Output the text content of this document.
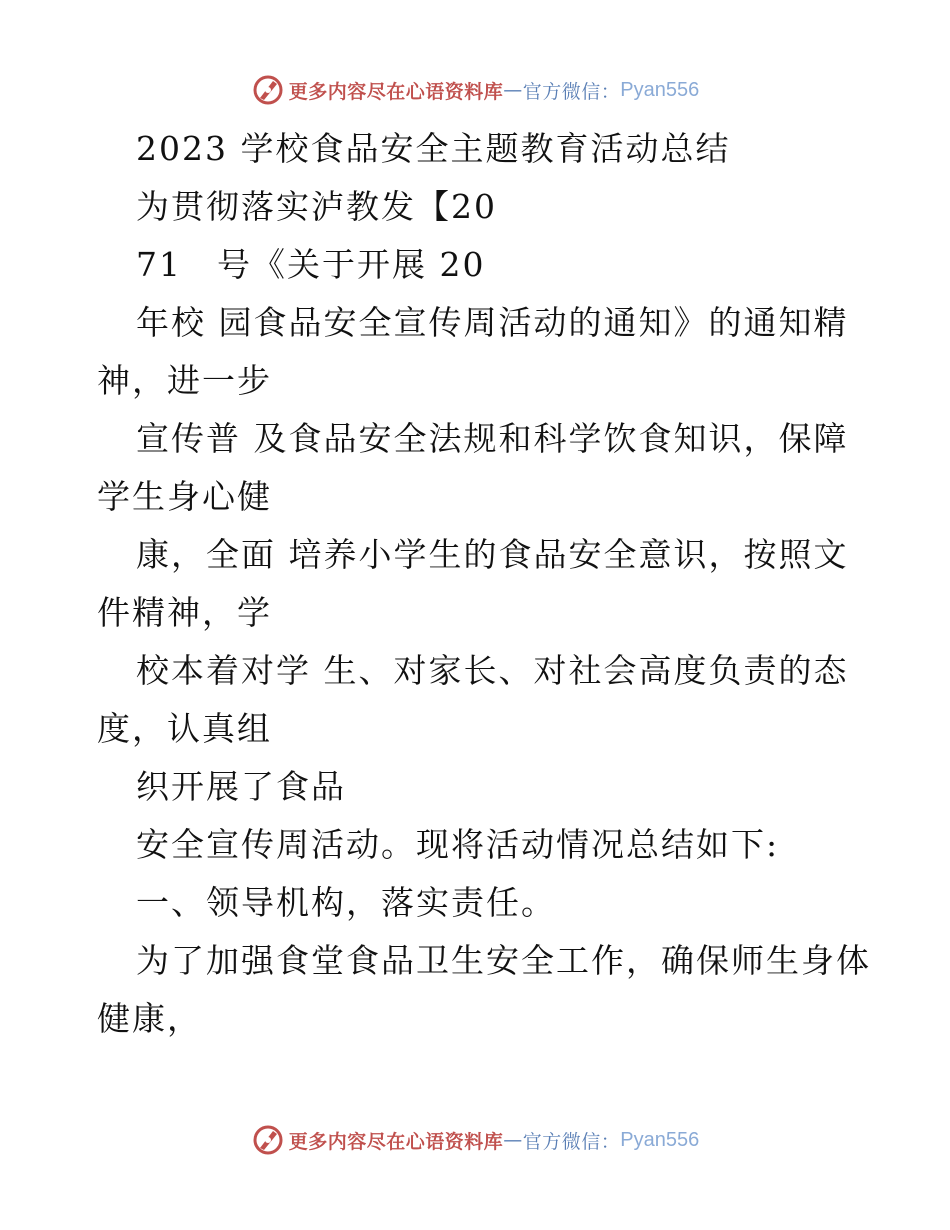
更多内容尽在心语资料库 — 官方微信： Pyan556
2023 学校食品安全主题教育活动总结
为贯彻落实泸教发【20
71　号《关于开展 20
年校 园食品安全宣传周活动的通知》的通知精
神，进一步
宣传普 及食品安全法规和科学饮食知识，保障
学生身心健
康，全面 培养小学生的食品安全意识，按照文
件精神，学
校本着对学 生、对家长、对社会高度负责的态
度，认真组
织开展了食品
安全宣传周活动。现将活动情况总结如下:
一、领导机构，落实责任。
为了加强食堂食品卫生安全工作，确保师生身体
健康，
更多内容尽在心语资料库 — 官方微信： Pyan556
